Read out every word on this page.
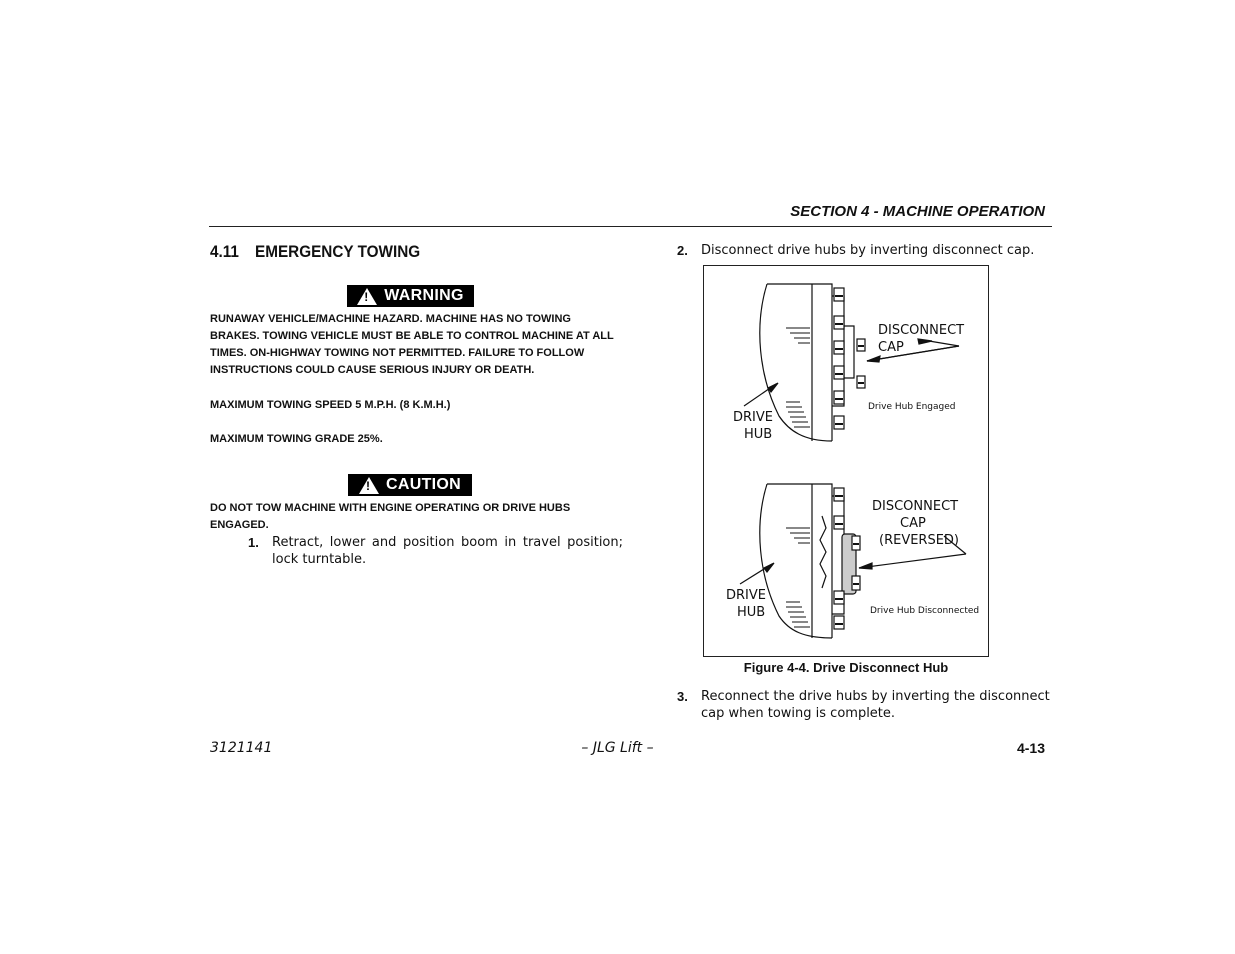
SECTION 4 - MACHINE OPERATION
4.11 EMERGENCY TOWING
!
WARNING

RUNAWAY VEHICLE/MACHINE HAZARD. MACHINE HAS NO TOWING BRAKES. TOWING VEHICLE MUST BE ABLE TO CONTROL MACHINE AT ALL TIMES. ON-HIGHWAY TOWING NOT PERMITTED. FAILURE TO FOLLOW INSTRUCTIONS COULD CAUSE SERIOUS INJURY OR DEATH.

MAXIMUM TOWING SPEED 5 M.P.H. (8 K.M.H.)
MAXIMUM TOWING GRADE 25%.
!
CAUTION
DO NOT TOW MACHINE WITH ENGINE OPERATING OR DRIVE HUBS ENGAGED.
1. Retract, lower and position boom in travel position; lock turntable.
2. Disconnect drive hubs by inverting disconnect cap.
DISCONNECT
CAP
DRIVE
HUB
Drive Hub Engaged
DISCONNECT
CAP
(REVERSED)
DRIVE
HUB	Drive Hub Disconnected
Figure 4-4. Drive Disconnect Hub
3. Reconnect the drive hubs by inverting the disconnect cap when towing is complete.
3121141	– JLG Lift –	4-13
